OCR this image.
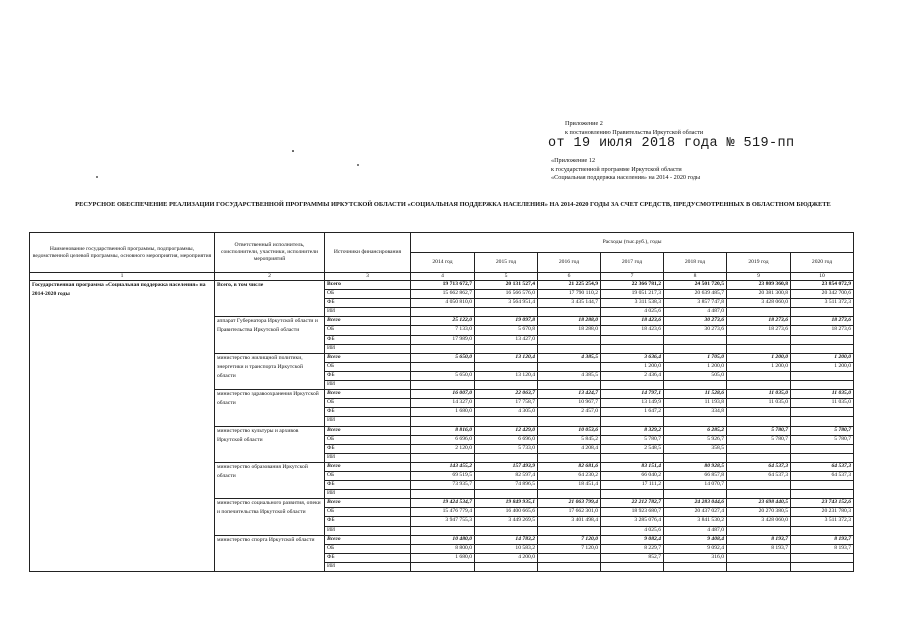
Приложение 2
к постановлению Правительства Иркутской области
от 19 июля 2018 года № 519-пп
«Приложение 12
к государственной программе Иркутской области
«Социальная поддержка населения» на 2014 - 2020 годы
РЕСУРСНОЕ ОБЕСПЕЧЕНИЕ РЕАЛИЗАЦИИ ГОСУДАРСТВЕННОЙ ПРОГРАММЫ ИРКУТСКОЙ ОБЛАСТИ «СОЦИАЛЬНАЯ ПОДДЕРЖКА НАСЕЛЕНИЯ» НА 2014-2020 ГОДЫ ЗА СЧЕТ СРЕДСТВ, ПРЕДУСМОТРЕННЫХ В ОБЛАСТНОМ БЮДЖЕТЕ
Наименование государственной программы, подпрограммы, ведомственной целевой программы, основного мероприятия, мероприятия	Ответственный исполнитель, соисполнители, участники, исполнители мероприятий	Источники финансирования	Расходы (тыс.руб.), годы						
			2014 год	2015 год	2016 год	2017 год	2018 год	2019 год	2020 год
1	2	3	4	5	6	7	8	9	10
Государственная программа «Социальная поддержка населения» на 2014-2020 годы	Всего, в том числе	Всего	19 713 672,7	20 131 527,4	21 225 254,9	22 366 781,2	24 501 720,5	23 809 360,8	23 854 072,9
		ОБ	15 662 862,7	16 566 576,0	17 790 110,2	19 051 217,3	20 639 485,7	20 381 300,8	20 342 700,6
		ФБ	4 050 810,0	3 564 951,4	3 435 144,7	3 311 538,3	3 857 747,8	3 428 060,0	3 511 372,3
		ИИ				4 025,6	4 487,0		
	аппарат Губернатора Иркутской области и Правительства Иркутской области	Всего	25 122,0	19 097,8	18 288,0	18 423,6	30 273,6	18 273,6	18 273,6
		ОБ	7 133,0	5 670,8	18 288,0	18 423,6	30 273,6	18 273,6	18 273,6
		ФБ	17 989,0	13 427,0					
		ИИ							
	министерство жилищной политики, энергетики и транспорта Иркутской области	Всего	5 650,0	13 120,4	4 385,5	3 636,4	1 705,0	1 200,0	1 200,0
		ОБ				1 200,0	1 200,0	1 200,0	1 200,0
		ФБ	5 650,0	13 120,4	4 385,5	2 436,4	505,0		
		ИИ							
	министерство здравоохранения Иркутской области	Всего	16 007,0	22 063,7	13 424,7	14 797,1	11 528,6	11 035,0	11 035,0
		ОБ	14 327,0	17 758,7	10 967,7	13 149,9	11 193,8	11 035,0	11 035,0
		ФБ	1 680,0	4 305,0	2 457,0	1 647,2	334,8		
		ИИ							
	министерство культуры и архивов Иркутской области	Всего	8 816,0	12 429,0	10 053,6	8 329,2	6 285,2	5 780,7	5 780,7
		ОБ	6 696,0	6 696,0	5 845,2	5 780,7	5 926,7	5 780,7	5 780,7
		ФБ	2 120,0	5 733,0	4 208,4	2 548,5	358,5		
		ИИ							
	министерство образования Иркутской области	Всего	143 455,2	157 493,9	82 681,6	83 151,4	80 928,5	64 537,3	64 537,3
		ОБ	69 519,5	82 597,4	64 230,2	66 040,2	66 857,8	64 537,3	64 537,3
		ФБ	73 935,7	74 896,5	18 451,4	17 111,2	14 070,7		
		ИИ							
	министерство социального развития, опеки и попечительства Иркутской области	Всего	19 424 534,7	19 849 935,1	21 063 799,4	22 212 782,7	24 283 044,6	23 698 440,5	23 743 152,6
		ОБ	15 476 779,4	16 400 665,6	17 662 301,0	18 923 680,7	20 437 027,4	20 270 380,5	20 231 780,3
		ФБ	3 947 755,3	3 449 269,5	3 401 498,4	3 285 076,4	3 841 530,2	3 428 060,0	3 511 372,3
		ИИ				4 025,6	4 487,0		
	министерство спорта Иркутской области	Всего	10 480,0	14 783,2	7 120,0	9 082,4	9 408,4	8 193,7	8 193,7
		ОБ	8 800,0	10 583,2	7 120,0	8 229,7	9 092,4	8 193,7	8 193,7
		ФБ	1 680,0	4 200,0		852,7	316,0		
		ИИ							
